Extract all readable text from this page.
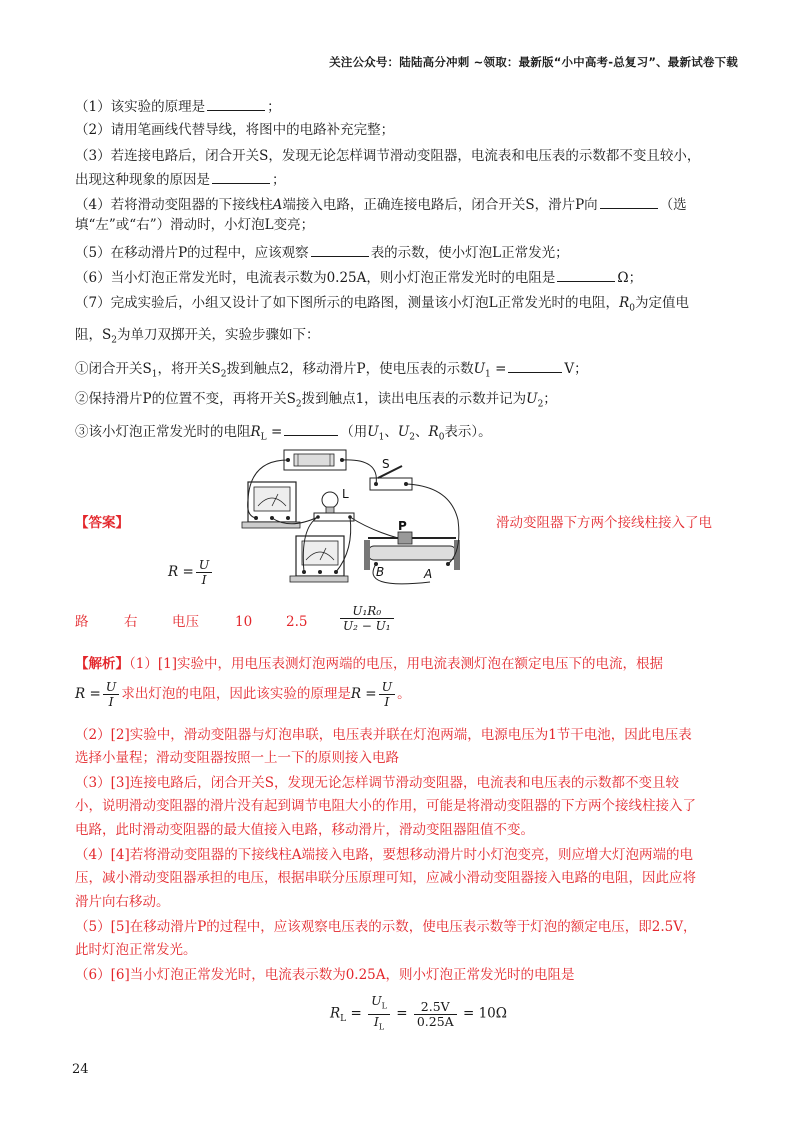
关注公众号：陆陆高分冲刺 ~领取：最新版“小中高考-总复习”、最新试卷下载
（1）该实验的原理是	；
（2）请用笔画线代替导线，将图中的电路补充完整；
（3）若连接电路后，闭合开关S，发现无论怎样调节滑动变阻器，电流表和电压表的示数都不变且较小，
出现这种现象的原因是	；
（4）若将滑动变阻器的下接线柱A端接入电路，正确连接电路后，闭合开关S，滑片P向	（选
填“左”或“右”）滑动时，小灯泡L变亮；
（5）在移动滑片P的过程中，应该观察	表的示数，使小灯泡L正常发光；
（6）当小灯泡正常发光时，电流表示数为0.25A，则小灯泡正常发光时的电阻是	Ω；
（7）完成实验后，小组又设计了如下图所示的电路图，测量该小灯泡L正常发光时的电阻，$R_0$为定值电
阻，$S_2$为单刀双掷开关，实验步骤如下：
①闭合开关$S_1$，将开关$S_2$拨到触点2，移动滑片P，使电压表的示数$U_1$ =	V；
②保持滑片P的位置不变，再将开关$S_2$拨到触点1，读出电压表的示数并记为$U_2$；
③该小灯泡正常发光时的电阻$R_L$ =	（用$U_1$、$U_2$、$R_0$表示）。
S
L
P
B	A
【答案】	滑动变阻器下方两个接线柱接入了电
$R = \frac{U}{I}$
路	右	电压	10	2.5	$\frac{\text{U₁R₀}}{\text{U₂ − U₁}}$
【解析】（1）[1]实验中，用电压表测灯泡两端的电压，用电流表测灯泡在额定电压下的电流，根据
$R = \frac{U}{I}$ 求出灯泡的电阻，因此该实验的原理是$R = \frac{U}{I}$ 。
（2）[2]实验中，滑动变阻器与灯泡串联，电压表并联在灯泡两端，电源电压为1节干电池，因此电压表
选择小量程；滑动变阻器按照一上一下的原则接入电路
（3）[3]连接电路后，闭合开关S，发现无论怎样调节滑动变阻器，电流表和电压表的示数都不变且较
小，说明滑动变阻器的滑片没有起到调节电阻大小的作用，可能是将滑动变阻器的下方两个接线柱接入了
电路，此时滑动变阻器的最大值接入电路，移动滑片，滑动变阻器阻值不变。
（4）[4]若将滑动变阻器的下接线柱A端接入电路，要想移动滑片时小灯泡变亮，则应增大灯泡两端的电
压，减小滑动变阻器承担的电压，根据串联分压原理可知，应减小滑动变阻器接入电路的电阻，因此应将
滑片向右移动。
（5）[5]在移动滑片P的过程中，应该观察电压表的示数，使电压表示数等于灯泡的额定电压，即2.5V，
此时灯泡正常发光。
（6）[6]当小灯泡正常发光时，电流表示数为0.25A，则小灯泡正常发光时的电阻是
$R_L = \frac{U_L}{I_L} = \frac{2.5V}{0.25A} = 10\Omega$
24
